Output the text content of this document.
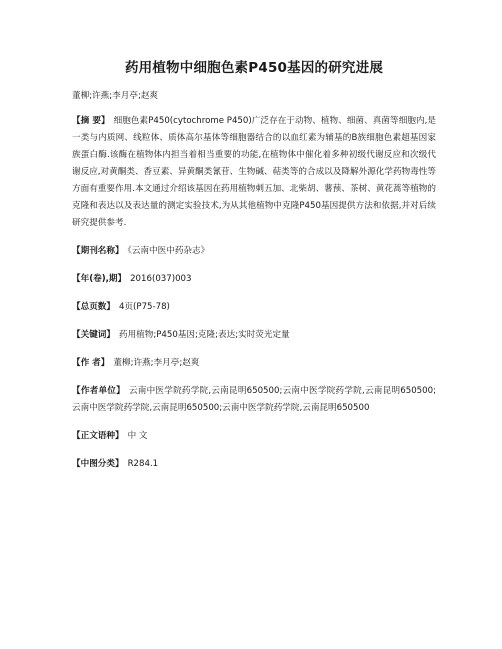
药用植物中细胞色素P450基因的研究进展
董柳;许燕;李月亭;赵爽
【摘 要】 细胞色素P450(cytochrome P450)广泛存在于动物、植物、细菌、真菌等细胞内,是一类与内质网、线粒体、质体高尔基体等细胞器结合的以血红素为辅基的B族细胞色素超基因家族蛋白酶.该酶在植物体内担当着相当重要的功能,在植物体中催化着多种初级代谢反应和次级代谢反应,对黄酮类、香豆素、异黄酮类氰苷、生物碱、萜类等的合成以及降解外源化学药物毒性等方面有重要作用.本文通过介绍该基因在药用植物刺五加、北柴胡、薯蓣、茶树、黄花蒿等植物的克隆和表达以及表达量的测定实验技术,为从其他植物中克隆P450基因提供方法和依据,并对后续研究提供参考.
【期刊名称】 《云南中医中药杂志》
【年(卷),期】 2016(037)003
【总页数】 4页(P75-78)
【关键词】 药用植物;P450基因;克隆;表达;实时荧光定量
【作 者】 董柳;许燕;李月亭;赵爽
【作者单位】 云南中医学院药学院,云南昆明650500;云南中医学院药学院,云南昆明650500;云南中医学院药学院,云南昆明650500;云南中医学院药学院,云南昆明650500
【正文语种】 中 文
【中图分类】 R284.1
